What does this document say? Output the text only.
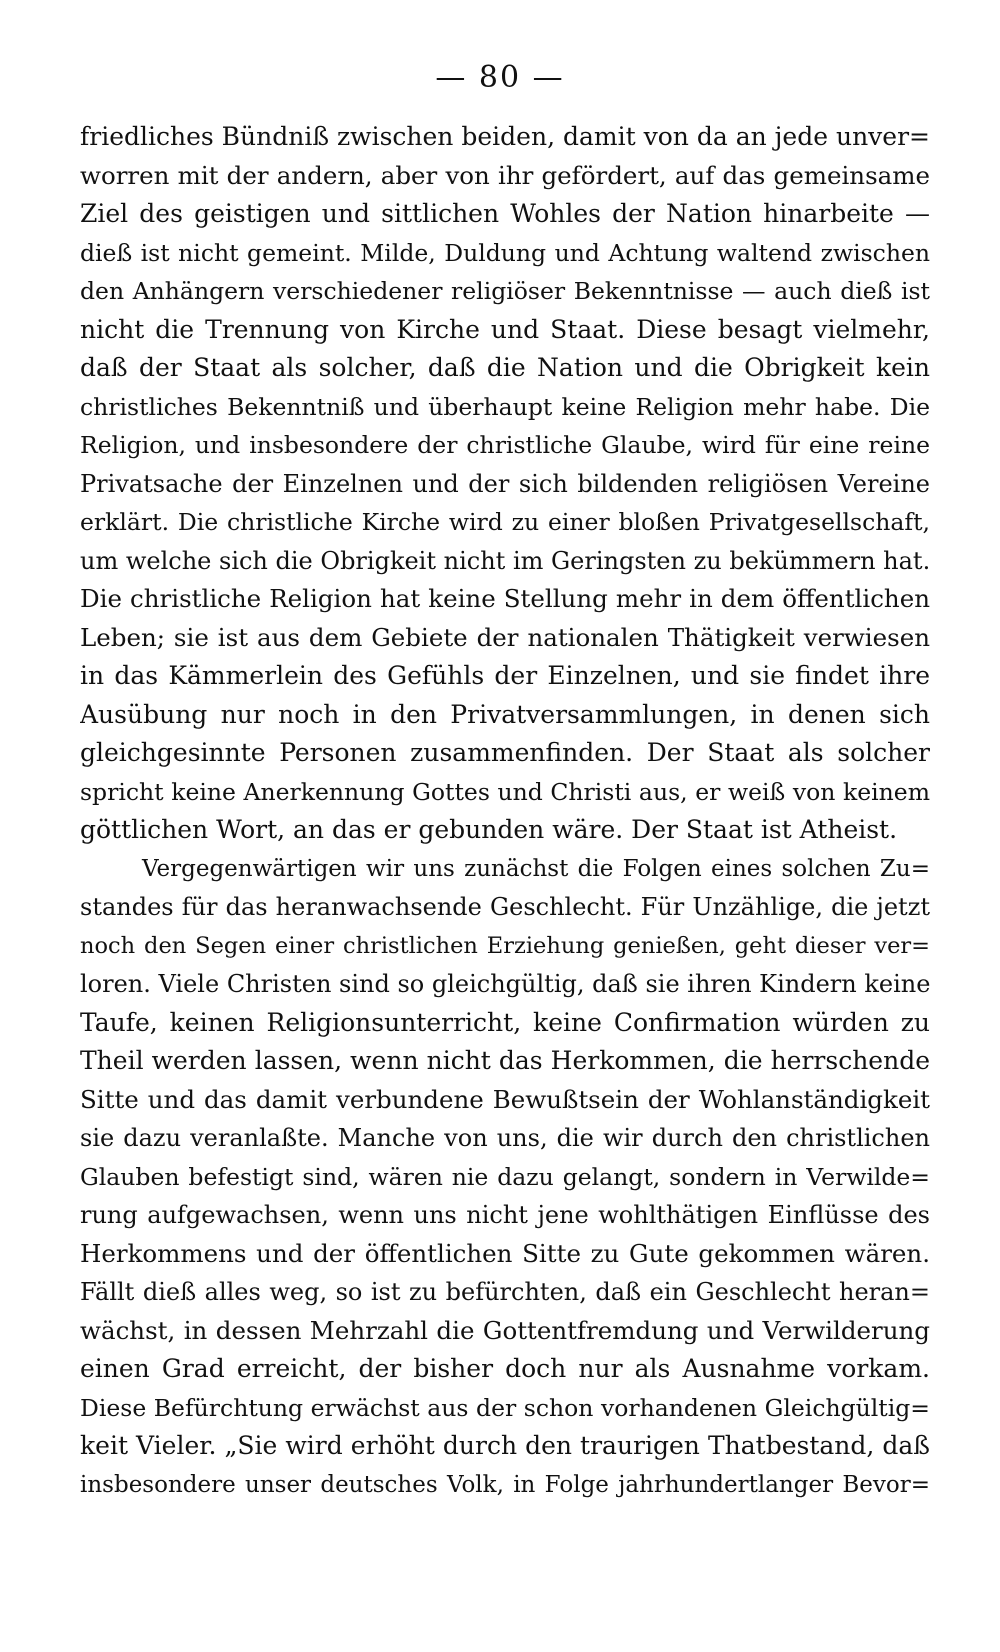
— 80 —
friedliches Bündniß zwischen beiden, damit von da an jede unver=
worren mit der andern, aber von ihr gefördert, auf das gemeinsame
Ziel des geistigen und sittlichen Wohles der Nation hinarbeite —
dieß ist nicht gemeint. Milde, Duldung und Achtung waltend zwischen
den Anhängern verschiedener religiöser Bekenntnisse — auch dieß ist
nicht die Trennung von Kirche und Staat. Diese besagt vielmehr,
daß der Staat als solcher, daß die Nation und die Obrigkeit kein
christliches Bekenntniß und überhaupt keine Religion mehr habe. Die
Religion, und insbesondere der christliche Glaube, wird für eine reine
Privatsache der Einzelnen und der sich bildenden religiösen Vereine
erklärt. Die christliche Kirche wird zu einer bloßen Privatgesellschaft,
um welche sich die Obrigkeit nicht im Geringsten zu bekümmern hat.
Die christliche Religion hat keine Stellung mehr in dem öffentlichen
Leben; sie ist aus dem Gebiete der nationalen Thätigkeit verwiesen
in das Kämmerlein des Gefühls der Einzelnen, und sie findet ihre
Ausübung nur noch in den Privatversammlungen, in denen sich
gleichgesinnte Personen zusammenfinden. Der Staat als solcher
spricht keine Anerkennung Gottes und Christi aus, er weiß von keinem
göttlichen Wort, an das er gebunden wäre. Der Staat ist Atheist.
Vergegenwärtigen wir uns zunächst die Folgen eines solchen Zu=
standes für das heranwachsende Geschlecht. Für Unzählige, die jetzt
noch den Segen einer christlichen Erziehung genießen, geht dieser ver=
loren. Viele Christen sind so gleichgültig, daß sie ihren Kindern keine
Taufe, keinen Religionsunterricht, keine Confirmation würden zu
Theil werden lassen, wenn nicht das Herkommen, die herrschende
Sitte und das damit verbundene Bewußtsein der Wohlanständigkeit
sie dazu veranlaßte. Manche von uns, die wir durch den christlichen
Glauben befestigt sind, wären nie dazu gelangt, sondern in Verwilde=
rung aufgewachsen, wenn uns nicht jene wohlthätigen Einflüsse des
Herkommens und der öffentlichen Sitte zu Gute gekommen wären.
Fällt dieß alles weg, so ist zu befürchten, daß ein Geschlecht heran=
wächst, in dessen Mehrzahl die Gottentfremdung und Verwilderung
einen Grad erreicht, der bisher doch nur als Ausnahme vorkam.
Diese Befürchtung erwächst aus der schon vorhandenen Gleichgültig=
keit Vieler. „Sie wird erhöht durch den traurigen Thatbestand, daß
insbesondere unser deutsches Volk, in Folge jahrhundertlanger Bevor=
